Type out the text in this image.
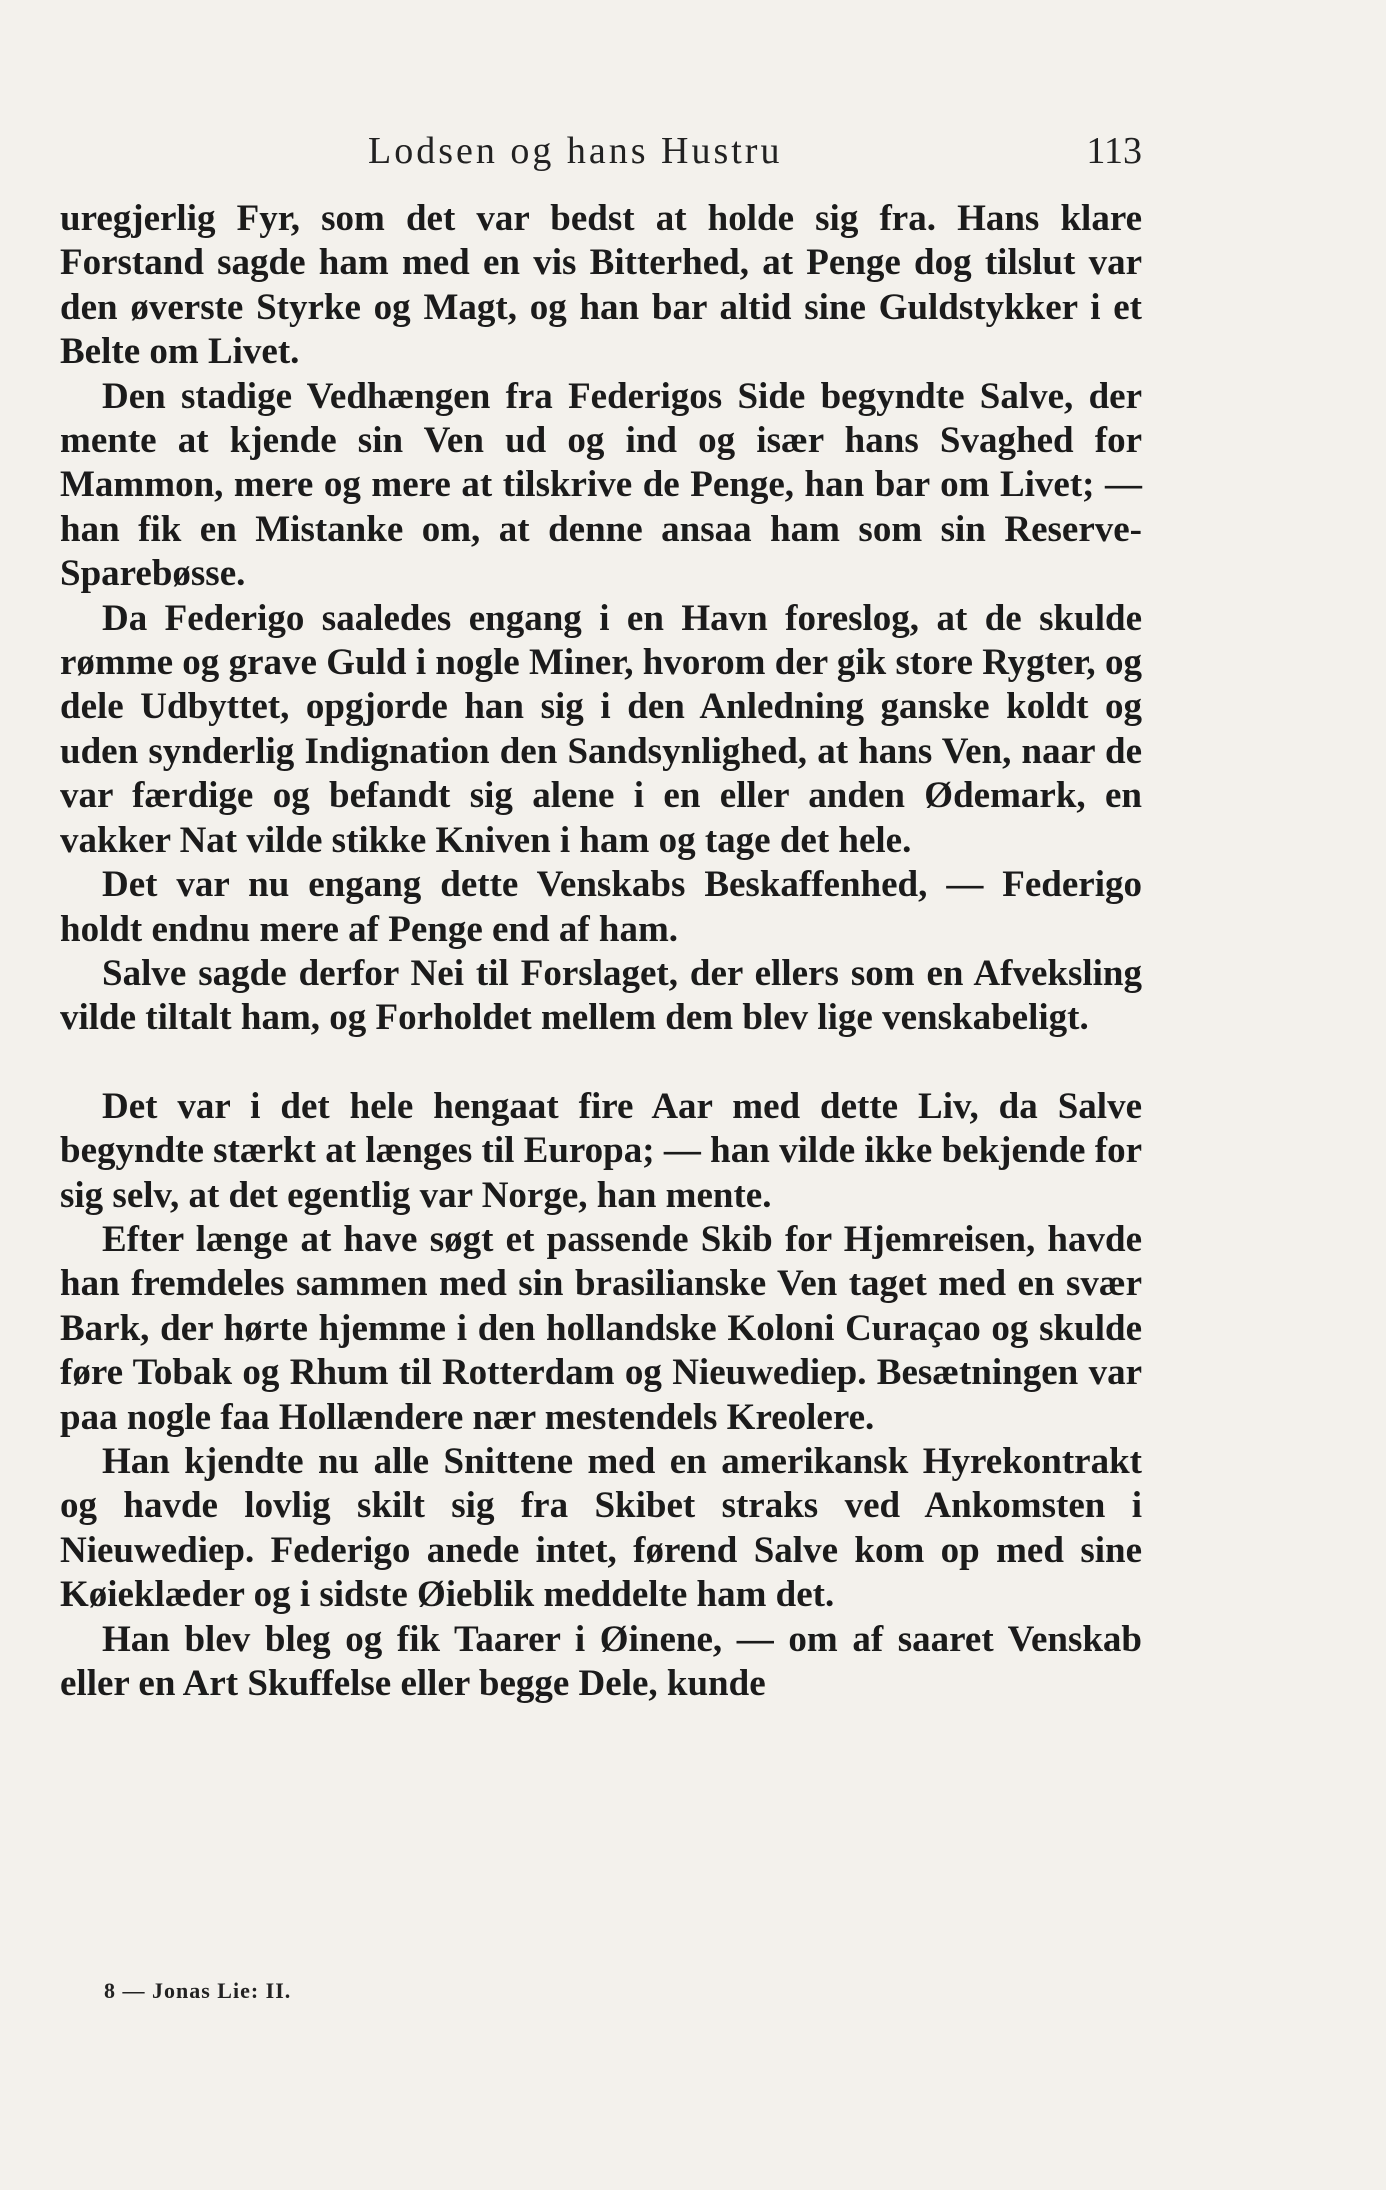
Lodsen og hans Hustru	113

uregjerlig Fyr, som det var bedst at holde sig fra. Hans klare Forstand sagde ham med en vis Bitterhed, at Penge dog tilslut var den øverste Styrke og Magt, og han bar altid sine Guldstykker i et Belte om Livet.

Den stadige Vedhængen fra Federigos Side begyndte Salve, der mente at kjende sin Ven ud og ind og især hans Svaghed for Mammon, mere og mere at tilskrive de Penge, han bar om Livet; — han fik en Mistanke om, at denne ansaa ham som sin Reserve-Sparebøsse.

Da Federigo saaledes engang i en Havn foreslog, at de skulde rømme og grave Guld i nogle Miner, hvorom der gik store Rygter, og dele Udbyttet, opgjorde han sig i den Anledning ganske koldt og uden synderlig Indignation den Sandsynlighed, at hans Ven, naar de var færdige og befandt sig alene i en eller anden Ødemark, en vakker Nat vilde stikke Kniven i ham og tage det hele.

Det var nu engang dette Venskabs Beskaffenhed, — Federigo holdt endnu mere af Penge end af ham.

Salve sagde derfor Nei til Forslaget, der ellers som en Afveksling vilde tiltalt ham, og Forholdet mellem dem blev lige venskabeligt.

Det var i det hele hengaat fire Aar med dette Liv, da Salve begyndte stærkt at længes til Europa; — han vilde ikke bekjende for sig selv, at det egentlig var Norge, han mente.

Efter længe at have søgt et passende Skib for Hjemreisen, havde han fremdeles sammen med sin brasilianske Ven taget med en svær Bark, der hørte hjemme i den hollandske Koloni Curaçao og skulde føre Tobak og Rhum til Rotterdam og Nieuwediep. Besætningen var paa nogle faa Hollændere nær mestendels Kreolere.

Han kjendte nu alle Snittene med en amerikansk Hyrekontrakt og havde lovlig skilt sig fra Skibet straks ved Ankomsten i Nieuwediep. Federigo anede intet, førend Salve kom op med sine Køieklæder og i sidste Øieblik meddelte ham det.

Han blev bleg og fik Taarer i Øinene, — om af saaret Venskab eller en Art Skuffelse eller begge Dele, kunde

8 — Jonas Lie: II.
